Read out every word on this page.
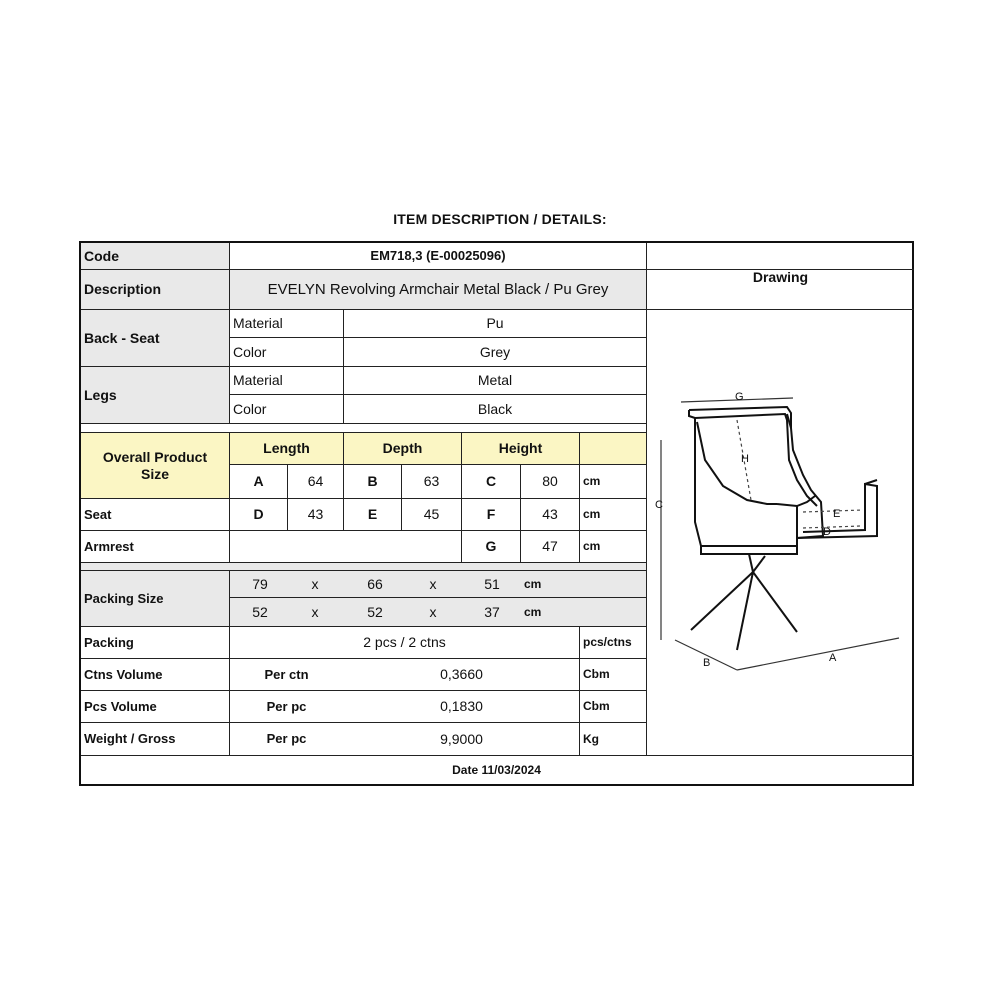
ITEM DESCRIPTION / DETAILS:
Code	EM718,3 (E-00025096)
Description	EVELYN Revolving Armchair Metal Black / Pu Grey
Drawing
Back - Seat
Material	Pu
Color	Grey
Legs
Material	Metal
Color	Black
Overall Product Size
Length	Depth	Height
A	64	B	63	C	80	cm
Seat	D	43	E	45	F	43	cm
Armrest	G	47	cm
Packing Size
79	x	66	x	51	cm
52	x	52	x	37	cm
Packing	2 pcs / 2 ctns	pcs/ctns
Ctns Volume	Per ctn	0,3660	Cbm
Pcs Volume	Per pc	0,1830	Cbm
Weight / Gross	Per pc	9,9000	Kg
Date 11/03/2024
G
H
C
E
D
B	A
